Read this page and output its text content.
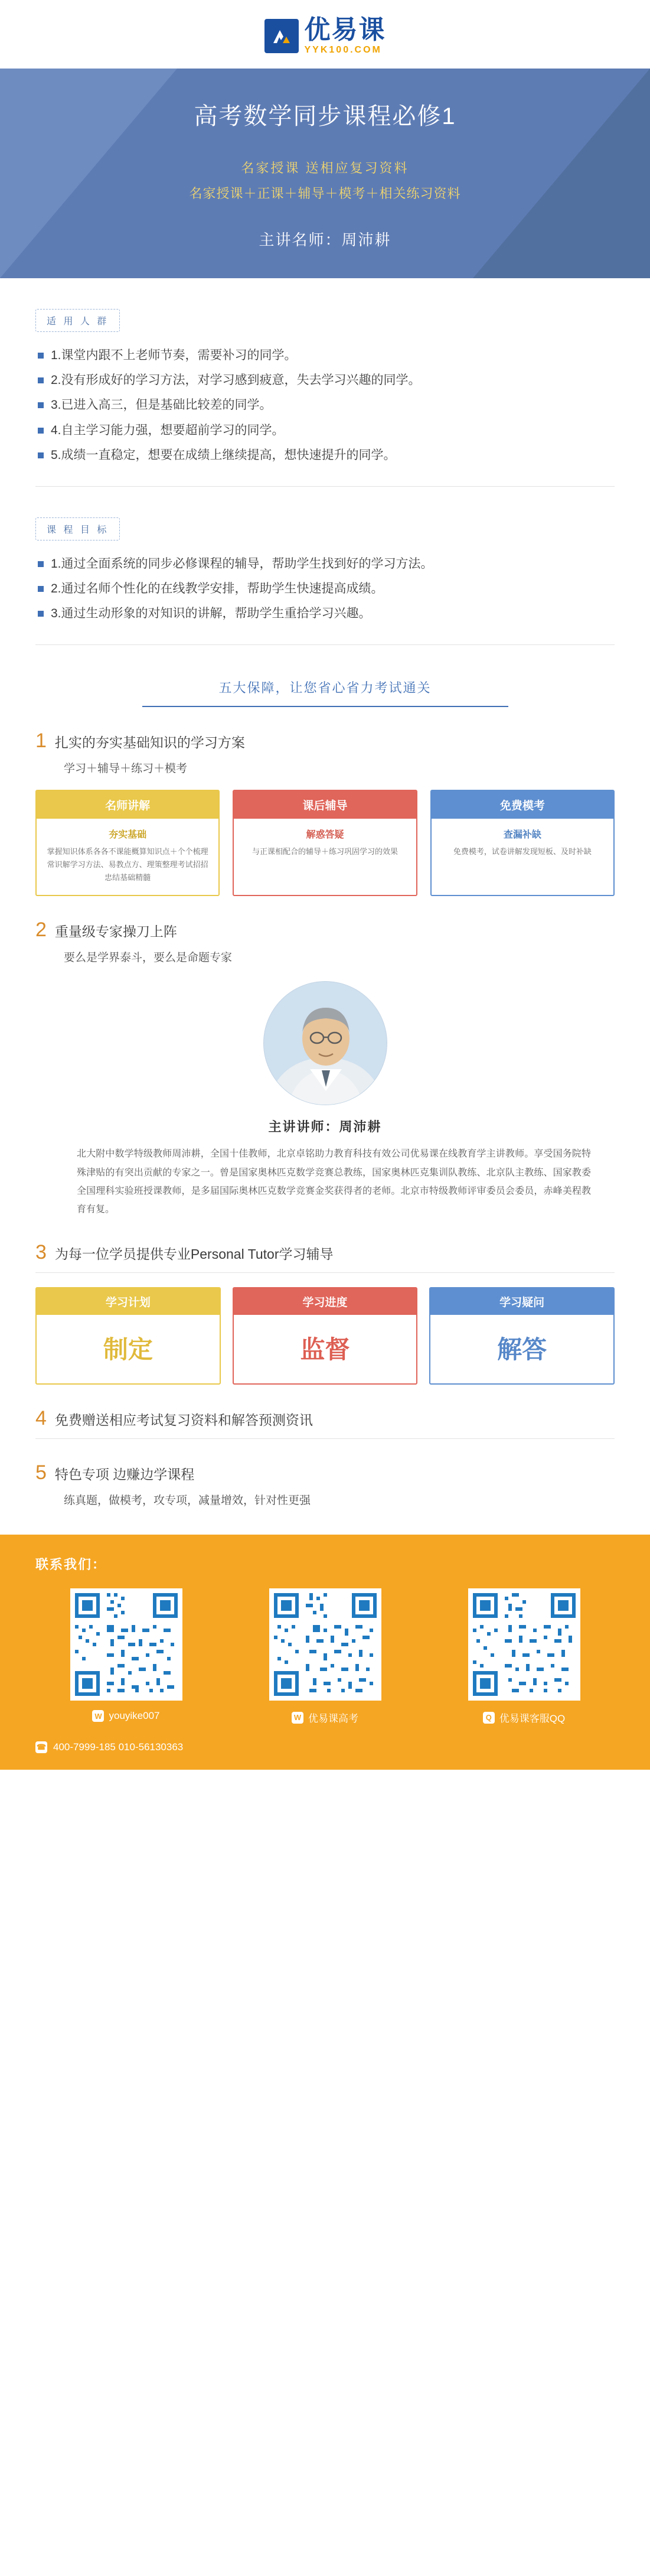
优易课
YYK100.COM
高考数学同步课程必修1
名家授课 送相应复习资料
名家授课＋正课＋辅导＋模考＋相关练习资料
主讲名师：周沛耕
适 用 人 群
1.课堂内跟不上老师节奏，需要补习的同学。
2.没有形成好的学习方法，对学习感到疲意，失去学习兴趣的同学。
3.已进入高三，但是基础比较差的同学。
4.自主学习能力强，想要超前学习的同学。
5.成绩一直稳定，想要在成绩上继续提高，想快速提升的同学。
课 程 目 标
1.通过全面系统的同步必修课程的辅导，帮助学生找到好的学习方法。
2.通过名师个性化的在线教学安排，帮助学生快速提高成绩。
3.通过生动形象的对知识的讲解，帮助学生重拾学习兴趣。
五大保障，让您省心省力考试通关
1 扎实的夯实基础知识的学习方案
学习＋辅导＋练习＋模考
名师讲解
夯实基础
掌握知识体系各各不课能概算知识点＋个个梳理常识解学习方法、易教点方、理策整理考试招招忠结基础精髓
课后辅导
解惑答疑
与正课相配合的辅导＋练习巩固学习的效果
免费模考
查漏补缺
免费模考，试卷讲解发现短板、及时补缺
2 重量级专家操刀上阵
要么是学界泰斗，要么是命题专家
主讲讲师：周沛耕
北大附中数学特级教师周沛耕，全国十佳教师，北京卓铭助力教育科技有效公司优易课在线教育学主讲教师。享受国务院特殊津贴的有突出贡献的专家之一。曾是国家奥林匹克数学竞赛总教练，国家奥林匹克集训队教练、北京队主教练、国家教委全国理科实验班授课教师，是多届国际奥林匹克数学竞赛金奖获得者的老师。北京市特级教师评审委员会委员，赤峰美程教育有复。
3 为每一位学员提供专业Personal Tutor学习辅导
学习计划
制定
学习进度
监督
学习疑问
解答
4 免费赠送相应考试复习资料和解答预测资讯
5 特色专项 边赚边学课程
练真题，做模考，攻专项，减量增效，针对性更强
联系我们：
W youyike007	W 优易课高考	Q 优易课客服QQ
☎ 400-7999-185 010-56130363
